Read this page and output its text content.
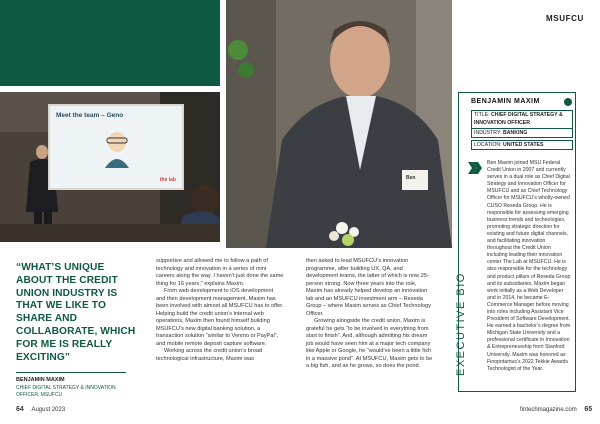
Meet the team – Geno
the lab	Ben
MSUFCU
“WHAT’S UNIQUE ABOUT THE CREDIT UNION INDUSTRY IS THAT WE LIKE TO SHARE AND COLLABORATE, WHICH FOR ME IS REALLY EXCITING”
BENJAMIN MAXIM
CHIEF DIGITAL STRATEGY & INNOVATION OFFICER, MSUFCU

supportive and allowed me to follow a path of technology and innovation in a series of mini careers along the way. I haven’t just done the same thing for 16 years,” explains Maxim.

From web development to iOS development and then development management, Maxim has been involved with almost all MSUFCU has to offer. Helping build the credit union’s internal web operations, Maxim then found himself building MSUFCU’s new digital banking solution, a transaction solution “similar to Venmo or PayPal”, and mobile remote deposit capture software.

Working across the credit union’s broad technological infrastructure, Maxim was

then asked to lead MSUFCU’s innovation programme, after building UX, QA, and development teams, the latter of which is now 25-person strong. Now three years into the role, Maxim has already helped develop an innovation lab and an MSUFCU investment arm – Reseda Group – where Maxim serves as Chief Technology Officer.

Growing alongside the credit union, Maxim is grateful he gets “to be involved in everything from start to finish”. And, although admitting his dream job would have seen him at a major tech company like Apple or Google, he “would’ve been a little fish in a massive pond”. At MSUFCU, Maxim gets to be a big fish, and as he grows, so does the pond.

BENJAMIN MAXIM
TITLE: CHIEF DIGITAL STRATEGY & INNOVATION OFFICER
INDUSTRY: BANKING
LOCATION: UNITED STATES
Ben Maxim joined MSU Federal Credit Union in 2007 and currently serves in a dual role as Chief Digital Strategy and Innovation Officer for MSUFCU and as Chief Technology Officer for MSUFCU’s wholly-owned CUSO Reseda Group. He is responsible for assessing emerging business trends and technologies, promoting strategic direction for existing and future digital channels, and facilitating innovation throughout the Credit Union including leading their innovation center The Lab at MSUFCU. He is also responsible for the technology and product pillars of Reseda Group and its subsidiaries. Maxim began work initially as a Web Developer and in 2014, he became E-Commerce Manager before moving into roles including Assistant Vice President of Software Development. He earned a bachelor’s degree from Michigan State University and a professional certificate in Innovation & Entrepreneurship from Stanford University. Maxim was honored as Finopotamus’s 2022 Tekkie Awards Technologist of the Year.
EXECUTIVE BIO
64 August 2023	fintechmagazine.com 65
